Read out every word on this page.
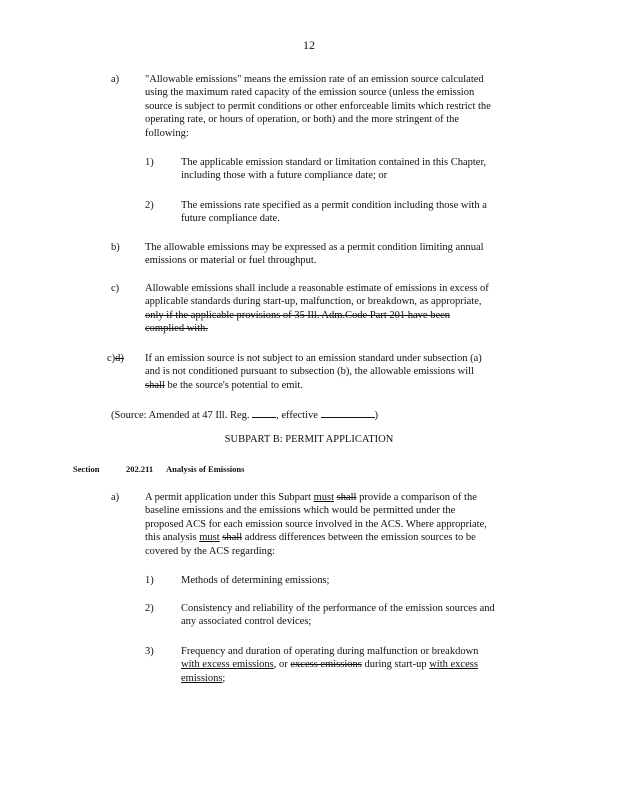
12
a) "Allowable emissions" means the emission rate of an emission source calculated
using the maximum rated capacity of the emission source (unless the emission
source is subject to permit conditions or other enforceable limits which restrict the
operating rate, or hours of operation, or both) and the more stringent of the
following:
1)	The applicable emission standard or limitation contained in this Chapter,
including those with a future compliance date; or
2)	The emissions rate specified as a permit condition including those with a
future compliance date.
b) The allowable emissions may be expressed as a permit condition limiting annual
emissions or material or fuel throughput.
c) Allowable emissions shall include a reasonable estimate of emissions in excess of
applicable standards during start-up, malfunction, or breakdown, as appropriate,
only if the applicable provisions of 35 Ill. Adm.Code Part 201 have been
complied with.
c)d) If an emission source is not subject to an emission standard under subsection (a)
and is not conditioned pursuant to subsection (b), the allowable emissions will
shall be the source's potential to emit.
(Source: Amended at 47 Ill. Reg.	, effective	)
SUBPART B: PERMIT APPLICATION
Section	202.211 Analysis of Emissions
a) A permit application under this Subpart must shall provide a comparison of the
baseline emissions and the emissions which would be permitted under the
proposed ACS for each emission source involved in the ACS. Where appropriate,
this analysis must shall address differences between the emission sources to be
covered by the ACS regarding:
1)	Methods of determining emissions;
2)	Consistency and reliability of the performance of the emission sources and
any associated control devices;
3)	Frequency and duration of operating during malfunction or breakdown
with excess emissions, or excess emissions during start-up with excess
emissions;
